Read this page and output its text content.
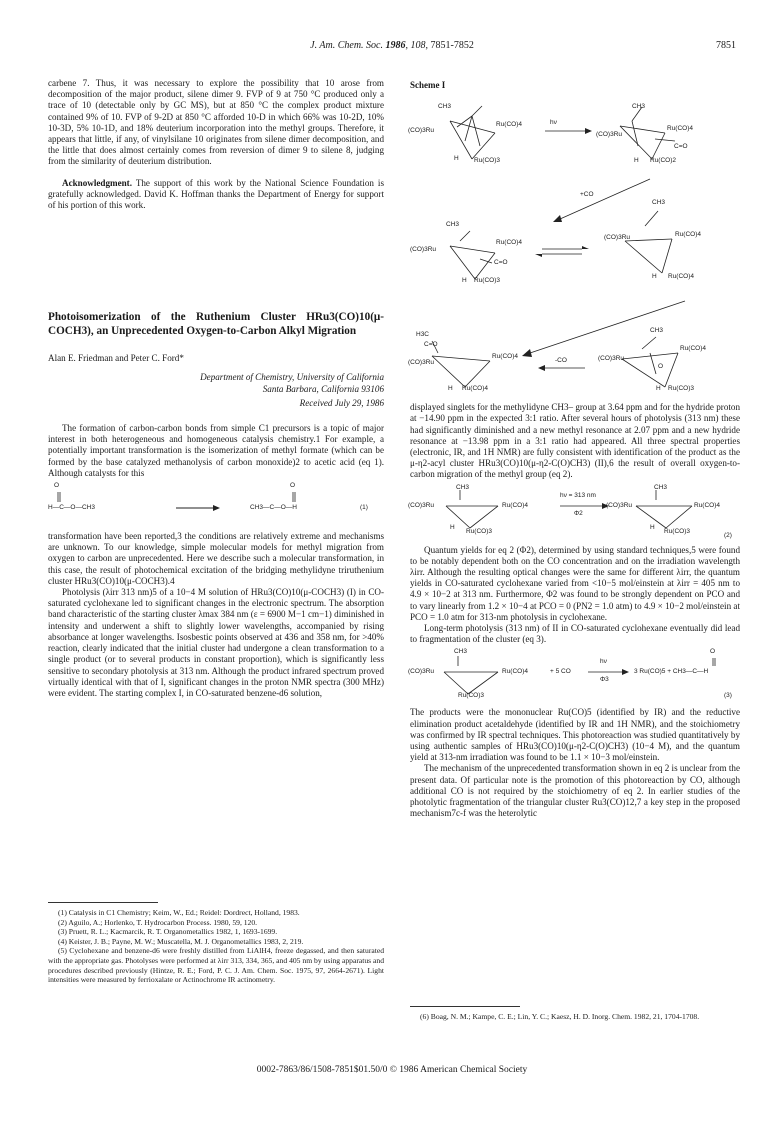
J. Am. Chem. Soc. 1986, 108, 7851-7852	7851

carbene 7. Thus, it was necessary to explore the possibility that 10 arose from decomposition of the major product, silene dimer 9. FVP of 9 at 750 °C produced only a trace of 10 (detectable only by GC MS), but at 850 °C the complex product mixture contained 9% of 10. FVP of 9-2D at 850 °C afforded 10-D in which 66% was 10-2D, 10% 10-3D, 5% 10-1D, and 18% deuterium incorporation into the methyl groups. Therefore, it appears that little, if any, of vinylsilane 10 originates from silene dimer decomposition, and the little that does almost certainly comes from reversion of dimer 9 to silene 8, judging from the similarity of deuterium distribution.

Acknowledgment. The support of this work by the National Science Foundation is gratefully acknowledged. David K. Hoffman thanks the Department of Energy for support of his portion of this work.

Photoisomerization of the Ruthenium Cluster HRu3(CO)10(μ-COCH3), an Unprecedented Oxygen-to-Carbon Alkyl Migration
Alan E. Friedman and Peter C. Ford*
Department of Chemistry, University of California
Santa Barbara, California 93106
Received July 29, 1986

The formation of carbon-carbon bonds from simple C1 precursors is a topic of major interest in both heterogeneous and homogeneous catalysis chemistry.1 For example, a potentially important transformation is the isomerization of methyl formate (which can be formed by the base catalyzed methanolysis of carbon monoxide)2 to acetic acid (eq 1). Although catalysts for this

O
H—C—O—CH3
O
CH3—C—O—H	(1)

transformation have been reported,3 the conditions are relatively extreme and mechanisms are unknown. To our knowledge, simple molecular models for methyl migration from oxygen to carbon are unprecedented. Here we describe such a molecular transformation, in this case, the result of photochemical excitation of the bridging methylidyne triruthenium cluster HRu3(CO)10(μ-COCH3).4

Photolysis (λirr 313 nm)5 of a 10−4 M solution of HRu3(CO)10(μ-COCH3) (I) in CO-saturated cyclohexane led to significant changes in the electronic spectrum. The absorption band characteristic of the starting cluster λmax 384 nm (ε = 6900 M−1 cm−1) diminished in intensity and underwent a shift to slightly lower wavelengths, accompanied by rising absorbance at longer wavelengths. Isosbestic points observed at 436 and 358 nm, for >40% reaction, clearly indicated that the initial cluster had undergone a clean transformation to a single product (or to several products in constant proportion), which is significantly less sensitive to secondary photolysis at 313 nm. Although the product infrared spectrum proved virtually identical with that of I, significant changes in the proton NMR spectra (300 MHz) were evident. The starting complex I, in CO-saturated benzene-d6 solution,

(1) Catalysis in C1 Chemistry; Keim, W., Ed.; Reidel: Dordrect, Holland, 1983.

(2) Aguilo, A.; Horlenko, T. Hydrocarbon Process. 1980, 59, 120.

(3) Pruett, R. L.; Kacmarcik, R. T. Organometallics 1982, 1, 1693-1699.

(4) Keister, J. B.; Payne, M. W.; Muscatella, M. J. Organometallics 1983, 2, 219.

(5) Cyclohexane and benzene-d6 were freshly distilled from LiAlH4, freeze degassed, and then saturated with the appropriate gas. Photolyses were performed at λirr 313, 334, 365, and 405 nm by using apparatus and procedures described previously (Hintze, R. E.; Ford, P. C. J. Am. Chem. Soc. 1975, 97, 2664-2671). Light intensities were measured by ferrioxalate or Actinochrome IR actinometry.

Scheme I
CH3
(CO)3Ru
Ru(CO)4
H Ru(CO)3
hν
CH3
(CO)3Ru
Ru(CO)4
C=O
H Ru(CO)2
+CO
CH3
(CO)3Ru
Ru(CO)4
C=O
H Ru(CO)3
CH3
(CO)3Ru	Ru(CO)4
H Ru(CO)4
H3C
C=O
(CO)3Ru
Ru(CO)4
H Ru(CO)4
-CO
CH3
(CO)3Ru
Ru(CO)4
O
H Ru(CO)3

displayed singlets for the methylidyne CH3– group at 3.64 ppm and for the hydride proton at −14.90 ppm in the expected 3:1 ratio. After several hours of photolysis (313 nm) these had significantly diminished and a new methyl resonance at 2.07 ppm and a new hydride resonance at −13.98 ppm in a 3:1 ratio had appeared. All three spectral properties (electronic, IR, and 1H NMR) are fully consistent with identification of the product as the μ-η2-acyl cluster HRu3(CO)10(μ-η2-C(O)CH3) (II),6 the result of overall oxygen-to-carbon migration of the methyl group (eq 2).

CH3
(CO)3Ru	Ru(CO)4
H
Ru(CO)3
hν = 313 nm
Φ2
CH3
(CO)3Ru	Ru(CO)4
H
Ru(CO)3
(2)

Quantum yields for eq 2 (Φ2), determined by using standard techniques,5 were found to be notably dependent both on the CO concentration and on the irradiation wavelength λirr. Although the resulting optical changes were the same for different λirr, the quantum yields in CO-saturated cyclohexane varied from <10−5 mol/einstein at λirr = 405 nm to 4.9 × 10−2 at 313 nm. Furthermore, Φ2 was found to be strongly dependent on PCO and to vary linearly from 1.2 × 10−4 at PCO = 0 (PN2 = 1.0 atm) to 4.9 × 10−2 mol/einstein at PCO = 1.0 atm for 313-nm photolysis in cyclohexane.

Long-term photolysis (313 nm) of II in CO-saturated cyclohexane eventually did lead to fragmentation of the cluster (eq 3).

CH3
(CO)3Ru	Ru(CO)4
Ru(CO)3
+ 5 CO
hν
Φ3
O
3 Ru(CO)5 + CH3—C—H
(3)

The products were the mononuclear Ru(CO)5 (identified by IR) and the reductive elimination product acetaldehyde (identified by IR and 1H NMR), and the stoichiometry was confirmed by IR spectral techniques. This photoreaction was studied quantitatively by using authentic samples of HRu3(CO)10(μ-η2-C(O)CH3) (10−4 M), and the quantum yield at 313-nm irradiation was found to be 1.1 × 10−3 mol/einstein.

The mechanism of the unprecedented transformation shown in eq 2 is unclear from the present data. Of particular note is the promotion of this photoreaction by CO, although additional CO is not required by the stoichiometry of eq 2. In earlier studies of the photolytic fragmentation of the triangular cluster Ru3(CO)12,7 a key step in the proposed mechanism7c-f was the heterolytic

(6) Boag, N. M.; Kampe, C. E.; Lin, Y. C.; Kaesz, H. D. Inorg. Chem. 1982, 21, 1704-1708.

0002-7863/86/1508-7851$01.50/0 © 1986 American Chemical Society
